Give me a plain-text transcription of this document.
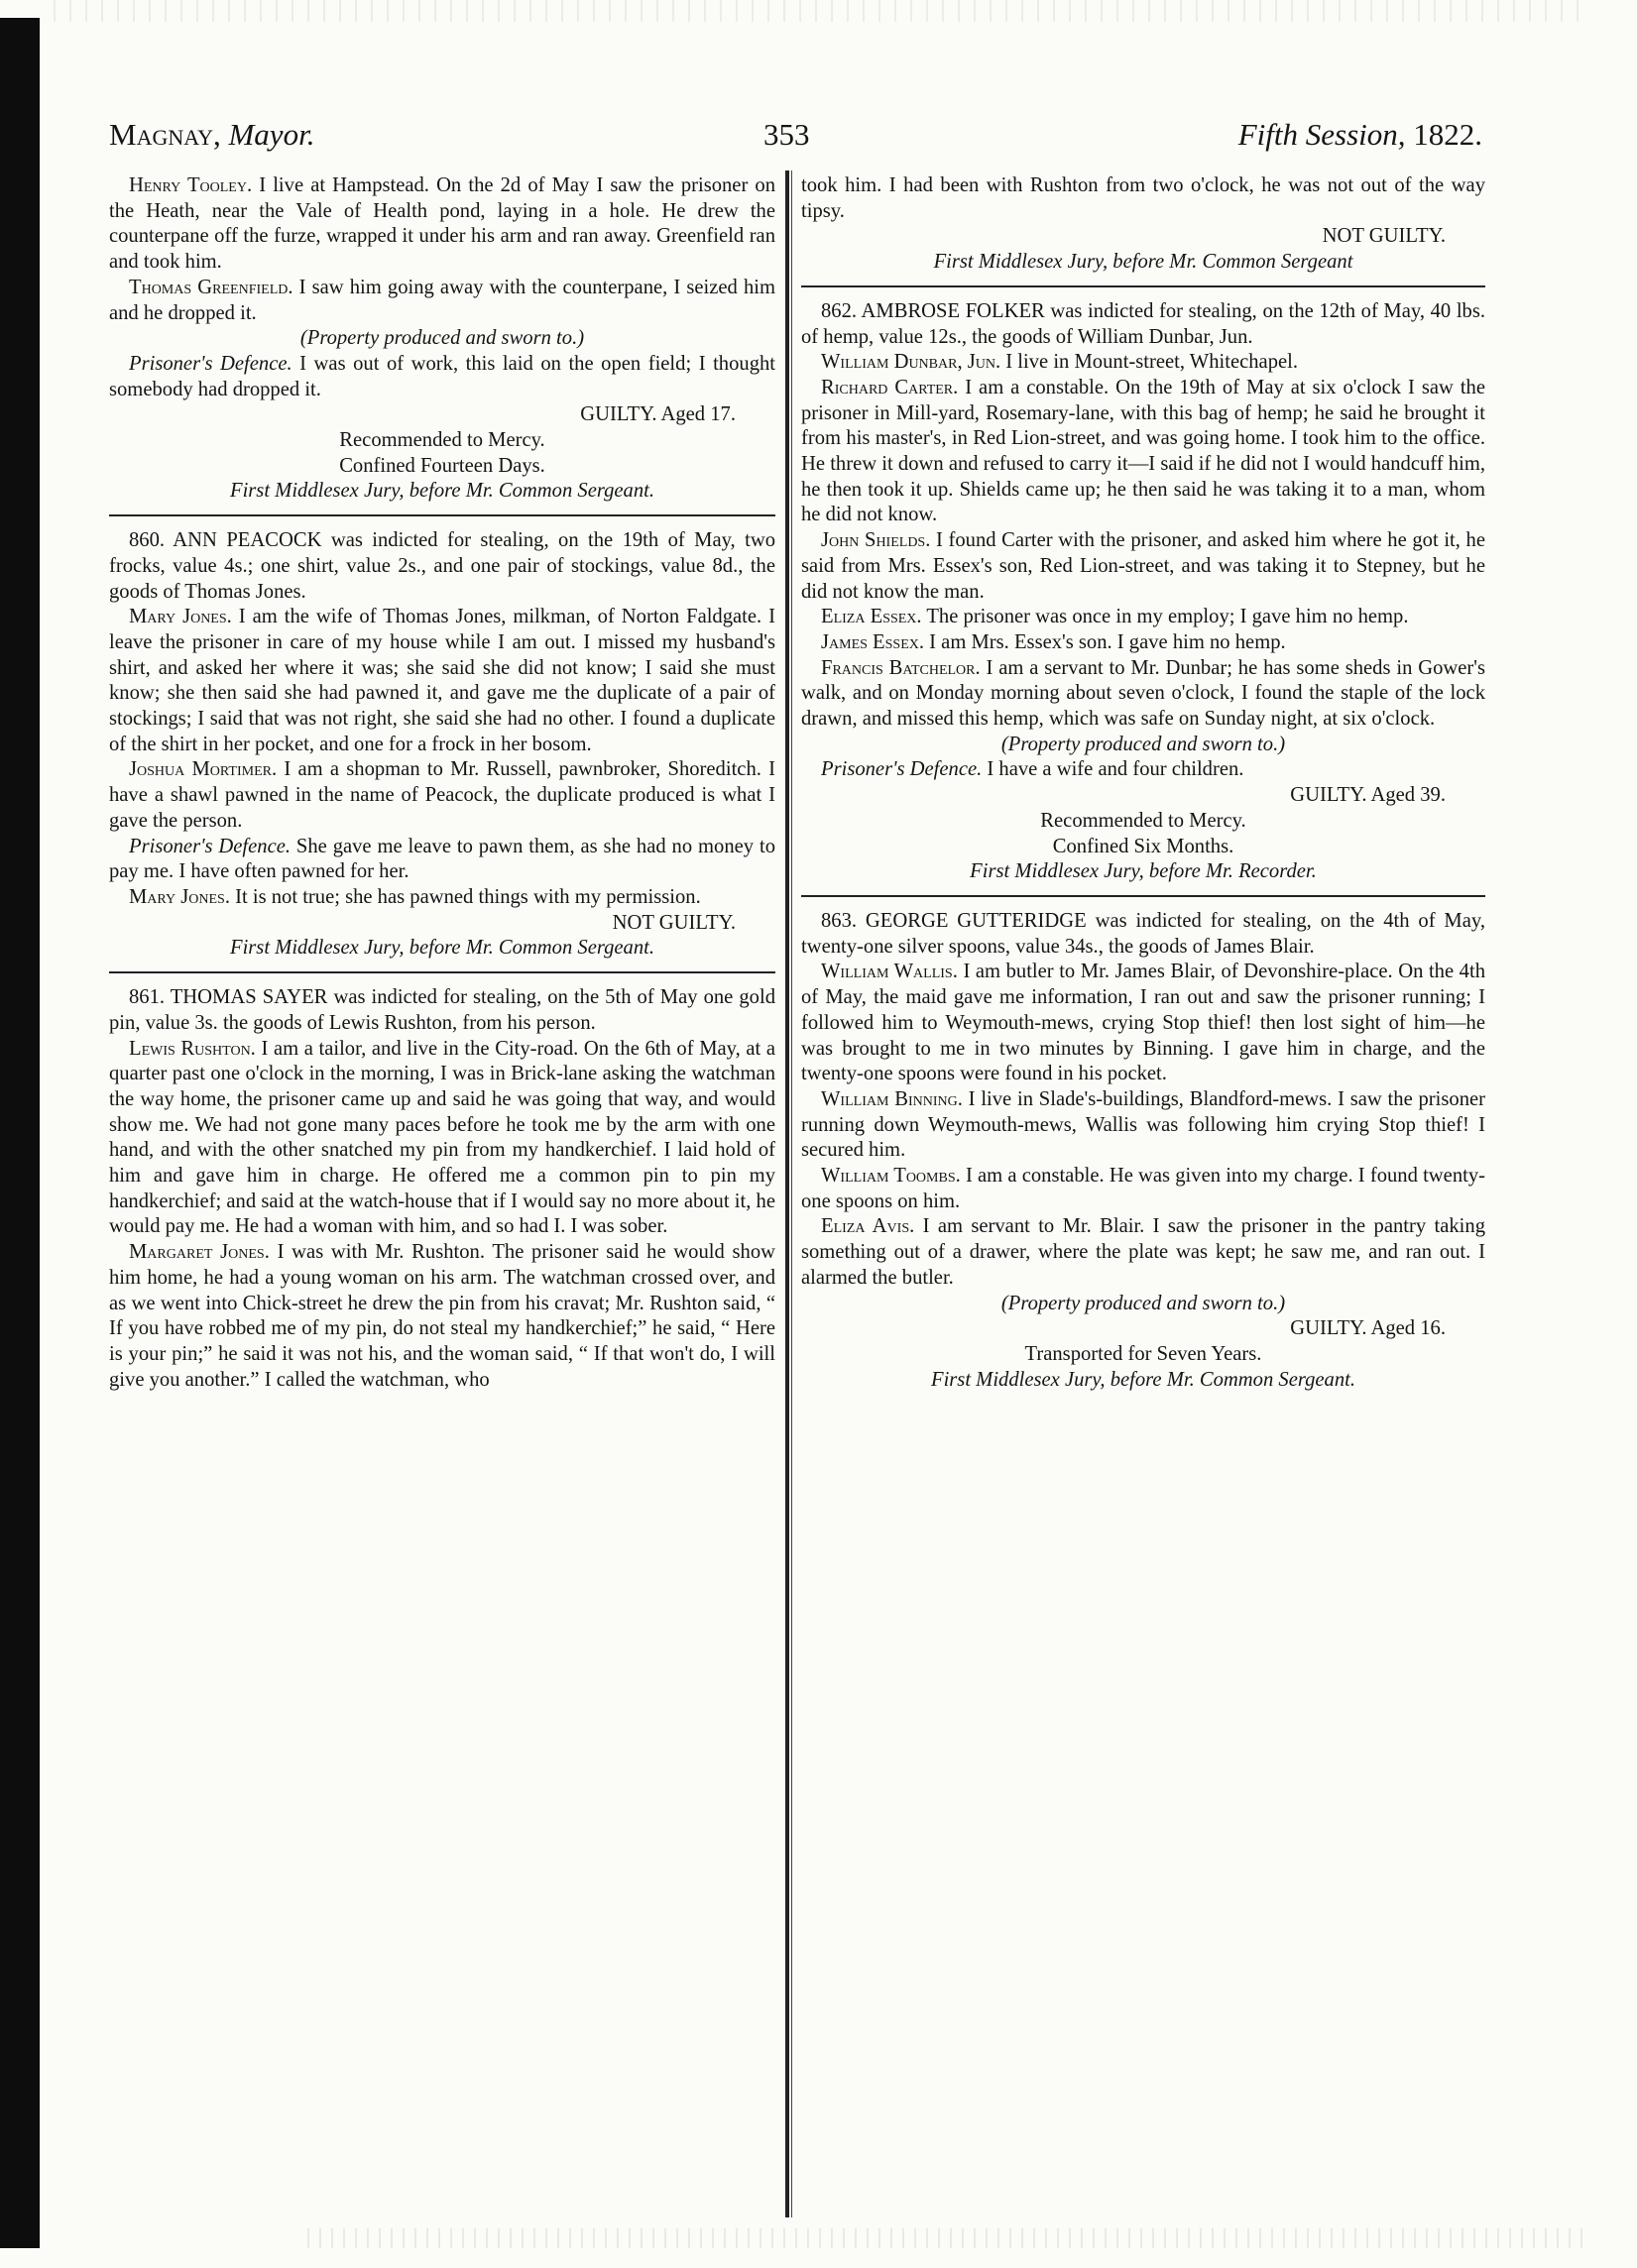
Magnay, Mayor.	353	Fifth Session, 1822.

Henry Tooley. I live at Hampstead. On the 2d of May I saw the prisoner on the Heath, near the Vale of Health pond, laying in a hole. He drew the counterpane off the furze, wrapped it under his arm and ran away. Greenfield ran and took him.

Thomas Greenfield. I saw him going away with the counterpane, I seized him and he dropped it.

(Property produced and sworn to.)

Prisoner's Defence. I was out of work, this laid on the open field; I thought somebody had dropped it.

GUILTY. Aged 17.

Recommended to Mercy.

Confined Fourteen Days.

First Middlesex Jury, before Mr. Common Sergeant.

860. ANN PEACOCK was indicted for stealing, on the 19th of May, two frocks, value 4s.; one shirt, value 2s., and one pair of stockings, value 8d., the goods of Thomas Jones.

Mary Jones. I am the wife of Thomas Jones, milkman, of Norton Faldgate. I leave the prisoner in care of my house while I am out. I missed my husband's shirt, and asked her where it was; she said she did not know; I said she must know; she then said she had pawned it, and gave me the duplicate of a pair of stockings; I said that was not right, she said she had no other. I found a duplicate of the shirt in her pocket, and one for a frock in her bosom.

Joshua Mortimer. I am a shopman to Mr. Russell, pawnbroker, Shoreditch. I have a shawl pawned in the name of Peacock, the duplicate produced is what I gave the person.

Prisoner's Defence. She gave me leave to pawn them, as she had no money to pay me. I have often pawned for her.

Mary Jones. It is not true; she has pawned things with my permission.

NOT GUILTY.

First Middlesex Jury, before Mr. Common Sergeant.

861. THOMAS SAYER was indicted for stealing, on the 5th of May one gold pin, value 3s. the goods of Lewis Rushton, from his person.

Lewis Rushton. I am a tailor, and live in the City-road. On the 6th of May, at a quarter past one o'clock in the morning, I was in Brick-lane asking the watchman the way home, the prisoner came up and said he was going that way, and would show me. We had not gone many paces before he took me by the arm with one hand, and with the other snatched my pin from my handkerchief. I laid hold of him and gave him in charge. He offered me a common pin to pin my handkerchief; and said at the watch-house that if I would say no more about it, he would pay me. He had a woman with him, and so had I. I was sober.

Margaret Jones. I was with Mr. Rushton. The prisoner said he would show him home, he had a young woman on his arm. The watchman crossed over, and as we went into Chick-street he drew the pin from his cravat; Mr. Rushton said, “ If you have robbed me of my pin, do not steal my handkerchief;” he said, “ Here is your pin;” he said it was not his, and the woman said, “ If that won't do, I will give you another.” I called the watchman, who

took him. I had been with Rushton from two o'clock, he was not out of the way tipsy.

NOT GUILTY.

First Middlesex Jury, before Mr. Common Sergeant

862. AMBROSE FOLKER was indicted for stealing, on the 12th of May, 40 lbs. of hemp, value 12s., the goods of William Dunbar, Jun.

William Dunbar, Jun. I live in Mount-street, Whitechapel.

Richard Carter. I am a constable. On the 19th of May at six o'clock I saw the prisoner in Mill-yard, Rosemary-lane, with this bag of hemp; he said he brought it from his master's, in Red Lion-street, and was going home. I took him to the office. He threw it down and refused to carry it—I said if he did not I would handcuff him, he then took it up. Shields came up; he then said he was taking it to a man, whom he did not know.

John Shields. I found Carter with the prisoner, and asked him where he got it, he said from Mrs. Essex's son, Red Lion-street, and was taking it to Stepney, but he did not know the man.

Eliza Essex. The prisoner was once in my employ; I gave him no hemp.

James Essex. I am Mrs. Essex's son. I gave him no hemp.

Francis Batchelor. I am a servant to Mr. Dunbar; he has some sheds in Gower's walk, and on Monday morning about seven o'clock, I found the staple of the lock drawn, and missed this hemp, which was safe on Sunday night, at six o'clock.

(Property produced and sworn to.)

Prisoner's Defence. I have a wife and four children.

GUILTY. Aged 39.

Recommended to Mercy.

Confined Six Months.

First Middlesex Jury, before Mr. Recorder.

863. GEORGE GUTTERIDGE was indicted for stealing, on the 4th of May, twenty-one silver spoons, value 34s., the goods of James Blair.

William Wallis. I am butler to Mr. James Blair, of Devonshire-place. On the 4th of May, the maid gave me information, I ran out and saw the prisoner running; I followed him to Weymouth-mews, crying Stop thief! then lost sight of him—he was brought to me in two minutes by Binning. I gave him in charge, and the twenty-one spoons were found in his pocket.

William Binning. I live in Slade's-buildings, Blandford-mews. I saw the prisoner running down Weymouth-mews, Wallis was following him crying Stop thief! I secured him.

William Toombs. I am a constable. He was given into my charge. I found twenty-one spoons on him.

Eliza Avis. I am servant to Mr. Blair. I saw the prisoner in the pantry taking something out of a drawer, where the plate was kept; he saw me, and ran out. I alarmed the butler.

(Property produced and sworn to.)

GUILTY. Aged 16.

Transported for Seven Years.

First Middlesex Jury, before Mr. Common Sergeant.
